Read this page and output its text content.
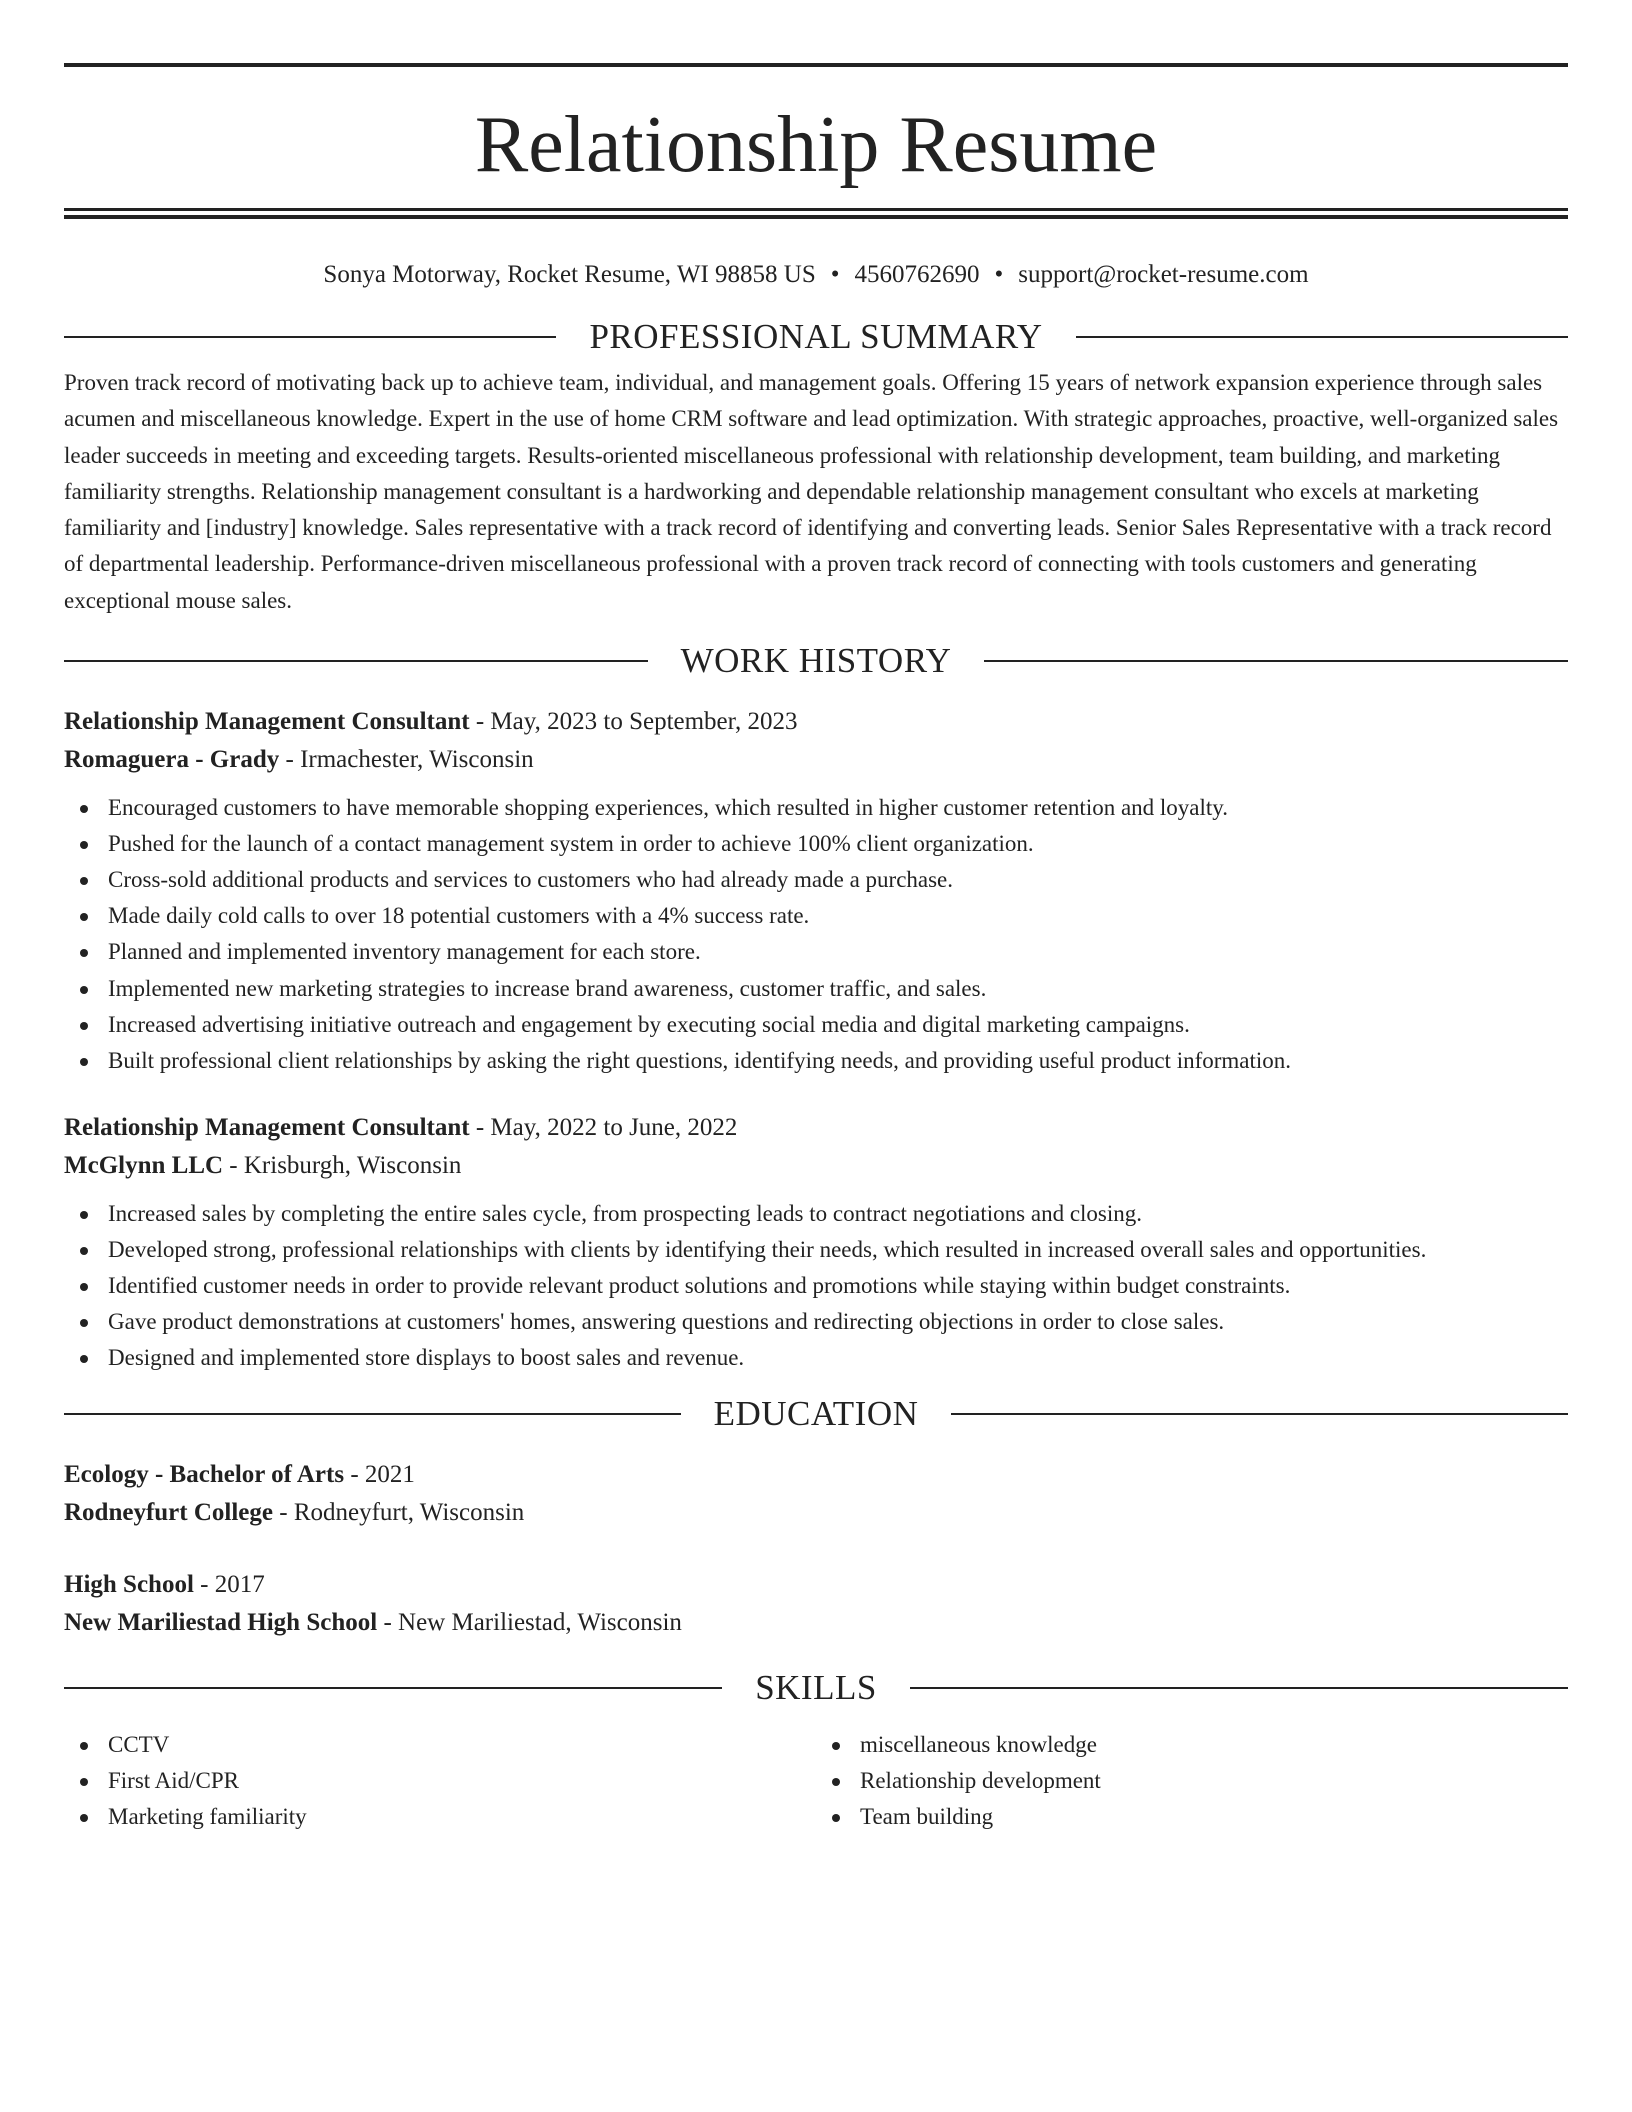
Relationship Resume
Sonya Motorway, Rocket Resume, WI 98858 US • 4560762690 • support@rocket-resume.com
PROFESSIONAL SUMMARY

Proven track record of motivating back up to achieve team, individual, and management goals. Offering 15 years of network expansion experience through sales acumen and miscellaneous knowledge. Expert in the use of home CRM software and lead optimization. With strategic approaches, proactive, well-organized sales leader succeeds in meeting and exceeding targets. Results-oriented miscellaneous professional with relationship development, team building, and marketing familiarity strengths. Relationship management consultant is a hardworking and dependable relationship management consultant who excels at marketing familiarity and [industry] knowledge. Sales representative with a track record of identifying and converting leads. Senior Sales Representative with a track record of departmental leadership. Performance-driven miscellaneous professional with a proven track record of connecting with tools customers and generating exceptional mouse sales.

WORK HISTORY
Relationship Management Consultant - May, 2023 to September, 2023
Romaguera - Grady - Irmachester, Wisconsin
Encouraged customers to have memorable shopping experiences, which resulted in higher customer retention and loyalty.
Pushed for the launch of a contact management system in order to achieve 100% client organization.
Cross-sold additional products and services to customers who had already made a purchase.
Made daily cold calls to over 18 potential customers with a 4% success rate.
Planned and implemented inventory management for each store.
Implemented new marketing strategies to increase brand awareness, customer traffic, and sales.
Increased advertising initiative outreach and engagement by executing social media and digital marketing campaigns.
Built professional client relationships by asking the right questions, identifying needs, and providing useful product information.
Relationship Management Consultant - May, 2022 to June, 2022
McGlynn LLC - Krisburgh, Wisconsin
Increased sales by completing the entire sales cycle, from prospecting leads to contract negotiations and closing.
Developed strong, professional relationships with clients by identifying their needs, which resulted in increased overall sales and opportunities.
Identified customer needs in order to provide relevant product solutions and promotions while staying within budget constraints.
Gave product demonstrations at customers' homes, answering questions and redirecting objections in order to close sales.
Designed and implemented store displays to boost sales and revenue.
EDUCATION
Ecology - Bachelor of Arts - 2021
Rodneyfurt College - Rodneyfurt, Wisconsin
High School - 2017
New Mariliestad High School - New Mariliestad, Wisconsin
SKILLS
CCTV
First Aid/CPR
Marketing familiarity
miscellaneous knowledge
Relationship development
Team building
